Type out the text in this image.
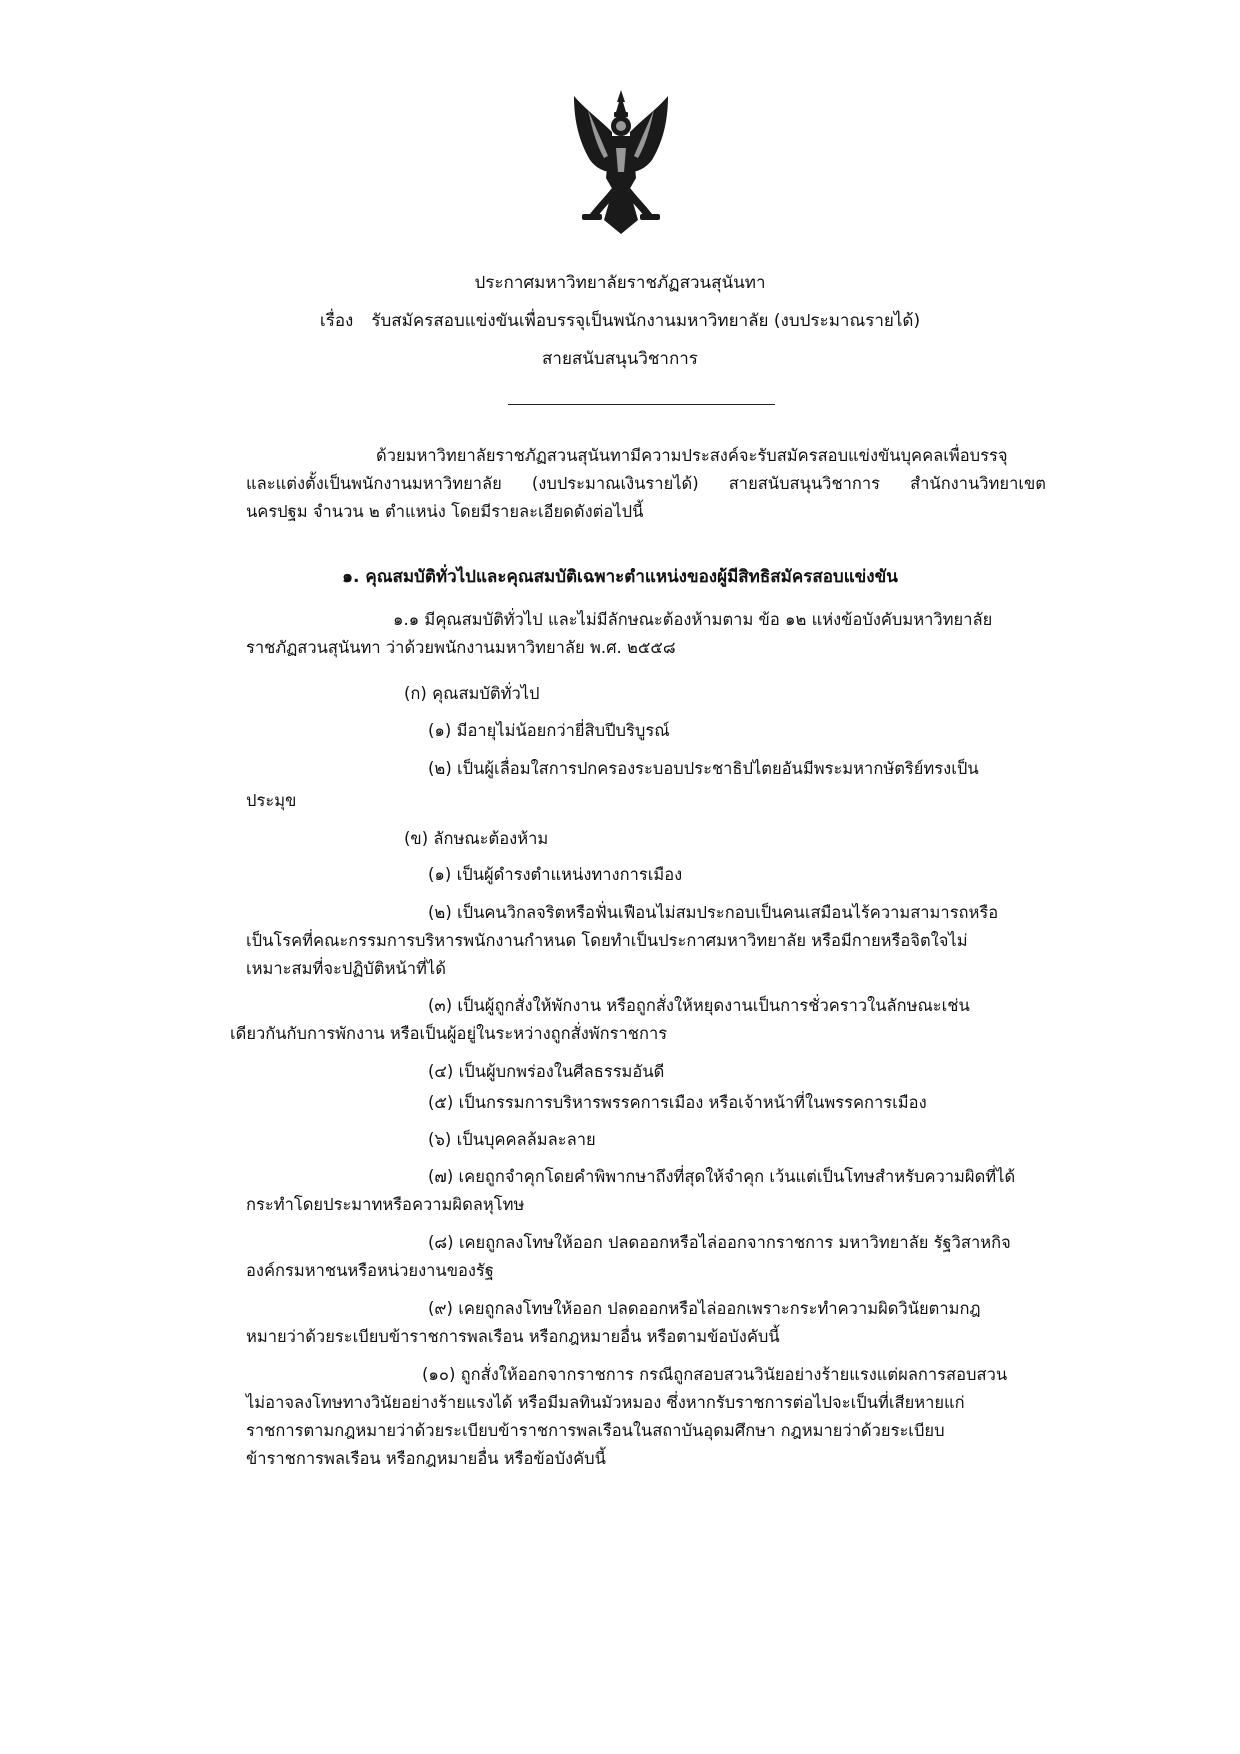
ประกาศมหาวิทยาลัยราชภัฏสวนสุนันทา
เรื่อง รับสมัครสอบแข่งขันเพื่อบรรจุเป็นพนักงานมหาวิทยาลัย (งบประมาณรายได้)
สายสนับสนุนวิชาการ
ด้วยมหาวิทยาลัยราชภัฏสวนสุนันทามีความประสงค์จะรับสมัครสอบแข่งขันบุคคลเพื่อบรรจุ
และแต่งตั้งเป็นพนักงานมหาวิทยาลัย (งบประมาณเงินรายได้) สายสนับสนุนวิชาการ สำนักงานวิทยาเขต
นครปฐม จำนวน ๒ ตำแหน่ง โดยมีรายละเอียดดังต่อไปนี้
๑. คุณสมบัติทั่วไปและคุณสมบัติเฉพาะตำแหน่งของผู้มีสิทธิสมัครสอบแข่งขัน
๑.๑ มีคุณสมบัติทั่วไป และไม่มีลักษณะต้องห้ามตาม ข้อ ๑๒ แห่งข้อบังคับมหาวิทยาลัย
ราชภัฏสวนสุนันทา ว่าด้วยพนักงานมหาวิทยาลัย พ.ศ. ๒๕๕๘
(ก) คุณสมบัติทั่วไป
(๑) มีอายุไม่น้อยกว่ายี่สิบปีบริบูรณ์
(๒) เป็นผู้เลื่อมใสการปกครองระบอบประชาธิปไตยอันมีพระมหากษัตริย์ทรงเป็น
ประมุข
(ข) ลักษณะต้องห้าม
(๑) เป็นผู้ดำรงตำแหน่งทางการเมือง
(๒) เป็นคนวิกลจริตหรือฟั่นเฟือนไม่สมประกอบเป็นคนเสมือนไร้ความสามารถหรือ
เป็นโรคที่คณะกรรมการบริหารพนักงานกำหนด โดยทำเป็นประกาศมหาวิทยาลัย หรือมีกายหรือจิตใจไม่
เหมาะสมที่จะปฏิบัติหน้าที่ได้
(๓) เป็นผู้ถูกสั่งให้พักงาน หรือถูกสั่งให้หยุดงานเป็นการชั่วคราวในลักษณะเช่น
เดียวกันกับการพักงาน หรือเป็นผู้อยู่ในระหว่างถูกสั่งพักราชการ
(๔) เป็นผู้บกพร่องในศีลธรรมอันดี
(๕) เป็นกรรมการบริหารพรรคการเมือง หรือเจ้าหน้าที่ในพรรคการเมือง
(๖) เป็นบุคคลล้มละลาย
(๗) เคยถูกจำคุกโดยคำพิพากษาถึงที่สุดให้จำคุก เว้นแต่เป็นโทษสำหรับความผิดที่ได้
กระทำโดยประมาทหรือความผิดลหุโทษ
(๘) เคยถูกลงโทษให้ออก ปลดออกหรือไล่ออกจากราชการ มหาวิทยาลัย รัฐวิสาหกิจ
องค์กรมหาชนหรือหน่วยงานของรัฐ
(๙) เคยถูกลงโทษให้ออก ปลดออกหรือไล่ออกเพราะกระทำความผิดวินัยตามกฎ
หมายว่าด้วยระเบียบข้าราชการพลเรือน หรือกฎหมายอื่น หรือตามข้อบังคับนี้
(๑๐) ถูกสั่งให้ออกจากราชการ กรณีถูกสอบสวนวินัยอย่างร้ายแรงแต่ผลการสอบสวน
ไม่อาจลงโทษทางวินัยอย่างร้ายแรงได้ หรือมีมลทินมัวหมอง ซึ่งหากรับราชการต่อไปจะเป็นที่เสียหายแก่
ราชการตามกฎหมายว่าด้วยระเบียบข้าราชการพลเรือนในสถาบันอุดมศึกษา กฎหมายว่าด้วยระเบียบ
ข้าราชการพลเรือน หรือกฎหมายอื่น หรือข้อบังคับนี้
